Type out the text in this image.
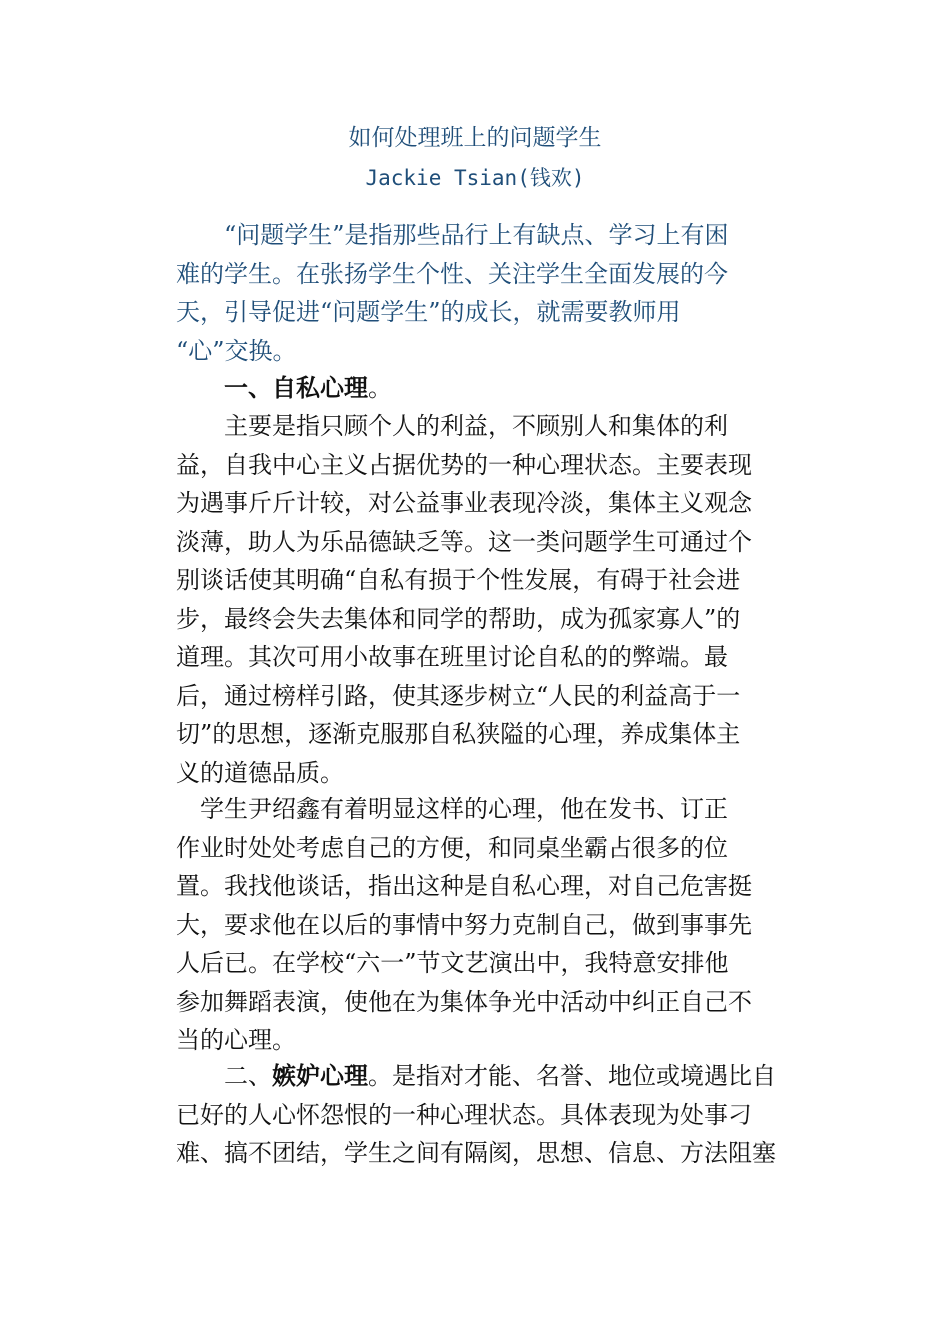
如何处理班上的问题学生
Jackie Tsian(钱欢)
　　“问题学生”是指那些品行上有缺点、学习上有困
难的学生。在张扬学生个性、关注学生全面发展的今
天，引导促进“问题学生”的成长，就需要教师用
“心”交换。
　　一、自私心理。
　　主要是指只顾个人的利益，不顾别人和集体的利
益，自我中心主义占据优势的一种心理状态。主要表现
为遇事斤斤计较，对公益事业表现冷淡，集体主义观念
淡薄，助人为乐品德缺乏等。这一类问题学生可通过个
别谈话使其明确“自私有损于个性发展，有碍于社会进
步，最终会失去集体和同学的帮助，成为孤家寡人”的
道理。其次可用小故事在班里讨论自私的的弊端。最
后，通过榜样引路，使其逐步树立“人民的利益高于一
切”的思想，逐渐克服那自私狭隘的心理，养成集体主
义的道德品质。
　学生尹绍鑫有着明显这样的心理，他在发书、订正
作业时处处考虑自己的方便，和同桌坐霸占很多的位
置。我找他谈话，指出这种是自私心理，对自己危害挺
大，要求他在以后的事情中努力克制自己，做到事事先
人后已。在学校“六一”节文艺演出中，我特意安排他
参加舞蹈表演，使他在为集体争光中活动中纠正自己不
当的心理。
　　二、嫉妒心理。是指对才能、名誉、地位或境遇比自
已好的人心怀怨恨的一种心理状态。具体表现为处事刁
难、搞不团结，学生之间有隔阂，思想、信息、方法阻塞
